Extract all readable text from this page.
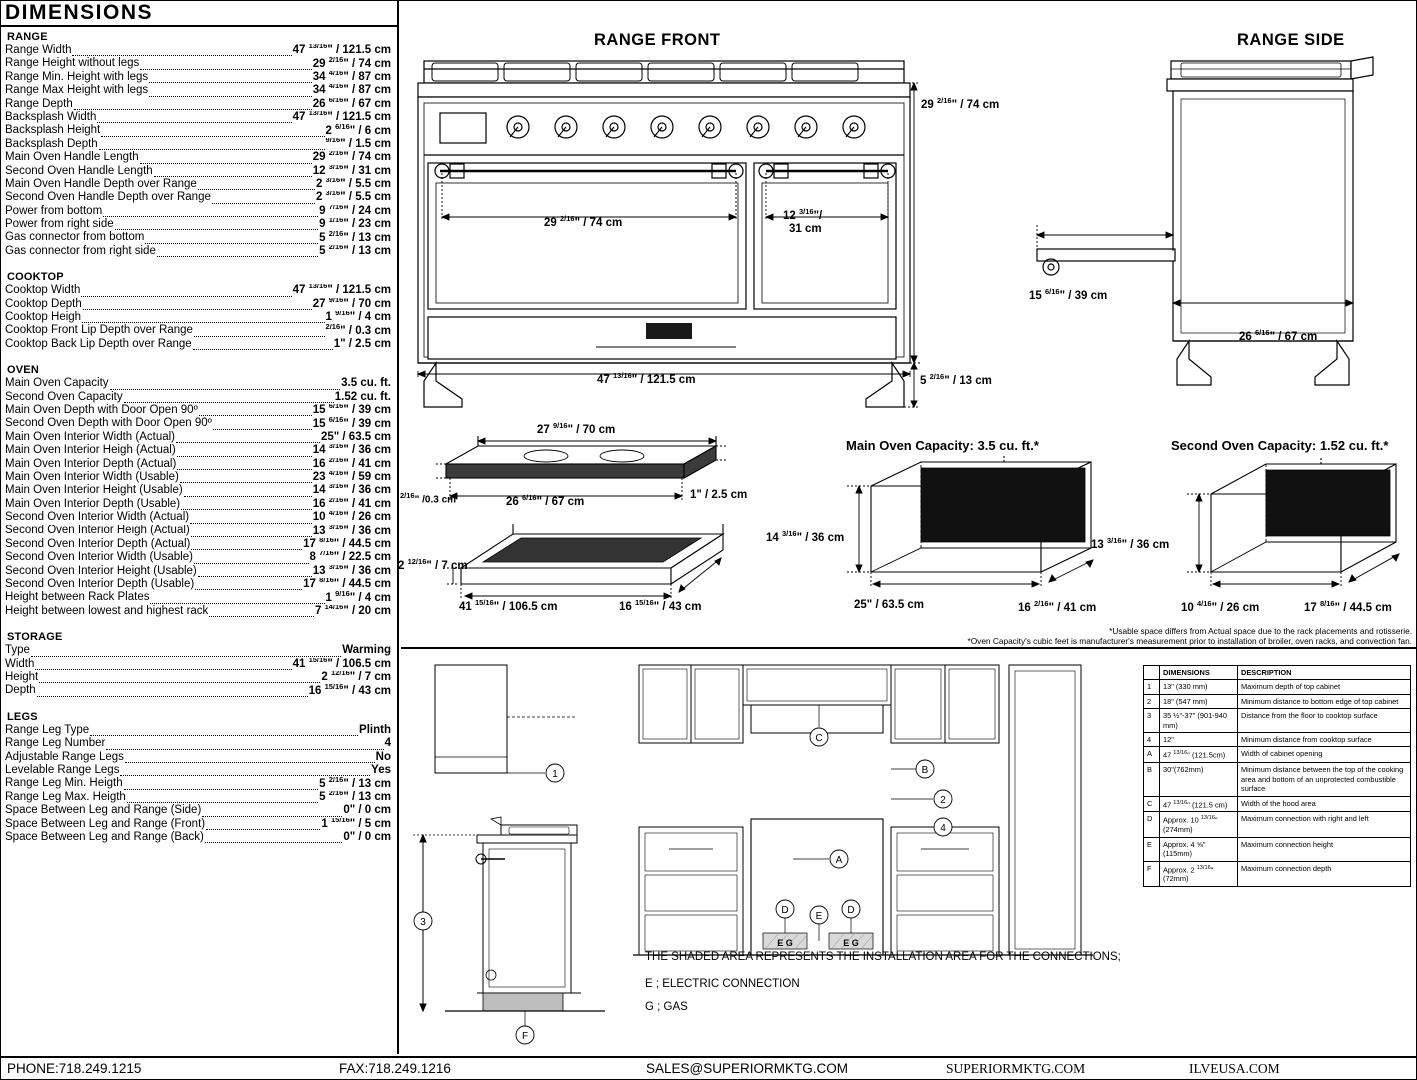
DIMENSIONS
RANGE
Range Width	47 $^{13/16}$" / 121.5 cm
Range Height without legs	29 $^{2/16}$" / 74 cm
Range Min. Height with legs	34 $^{4/16}$" / 87 cm
Range Max Height with legs	34 $^{4/16}$" / 87 cm
Range Depth	26 $^{6/16}$" / 67 cm
Backsplash Width	47 $^{13/16}$" / 121.5 cm
Backsplash Height	2 $^{6/16}$" / 6 cm
Backsplash Depth	$^{9/16}$" / 1.5 cm
Main Oven Handle Length	29 $^{2/16}$" / 74 cm
Second Oven Handle Length	12 $^{3/16}$" / 31 cm
Main Oven Handle Depth over Range	2 $^{3/16}$" / 5.5 cm
Second Oven Handle Depth over Range	2 $^{3/16}$" / 5.5 cm
Power from bottom	9 $^{7/16}$" / 24 cm
Power from right side	9 $^{1/16}$" / 23 cm
Gas connector from bottom	5 $^{2/16}$" / 13 cm
Gas connector from right side	5 $^{2/16}$" / 13 cm
COOKTOP
Cooktop Width	47 $^{13/16}$" / 121.5 cm
Cooktop Depth	27 $^{9/16}$" / 70 cm
Cooktop Heigh	1 $^{9/16}$" / 4 cm
Cooktop Front Lip Depth over Range	$^{2/16}$" / 0.3 cm
Cooktop Back Lip Depth over Range	1" / 2.5 cm
OVEN
Main Oven Capacity	3.5 cu. ft.
Second Oven Capacity	1.52 cu. ft.
Main Oven Depth with Door Open 90º	15 $^{6/16}$" / 39 cm
Second Oven Depth with Door Open 90º	15 $^{6/16}$" / 39 cm
Main Oven Interior Width (Actual)	25" / 63.5 cm
Main Oven Interior Heigh (Actual)	14 $^{3/16}$" / 36 cm
Main Oven Interior Depth (Actual)	16 $^{2/16}$" / 41 cm
Main Oven Interior Width (Usable)	23 $^{4/16}$" / 59 cm
Main Oven Interior Height (Usable)	14 $^{3/16}$" / 36 cm
Main Oven Interior Depth (Usable)	16 $^{2/16}$" / 41 cm
Second Oven Interior Width (Actual)	10 $^{4/16}$" / 26 cm
Second Oven Interior Heigh (Actual)	13 $^{3/16}$" / 36 cm
Second Oven Interior Depth (Actual)	17 $^{8/16}$" / 44.5 cm
Second Oven Interior Width (Usable)	8 $^{7/16}$" / 22.5 cm
Second Oven Interior Height (Usable)	13 $^{3/16}$" / 36 cm
Second Oven Interior Depth (Usable)	17 $^{8/16}$" / 44.5 cm
Height between Rack Plates	1 $^{9/16}$" / 4 cm
Height between lowest and highest rack	7 $^{14/16}$" / 20 cm
STORAGE
Type	Warming
Width	41 $^{15/16}$" / 106.5 cm
Height	2 $^{12/16}$" / 7 cm
Depth	16 $^{15/16}$" / 43 cm
LEGS
Range Leg Type	Plinth
Range Leg Number	4
Adjustable Range Legs	No
Levelable Range Legs	Yes
Range Leg Min. Heigth	5 $^{2/16}$" / 13 cm
Range Leg Max. Heigth	5 $^{2/16}$" / 13 cm
Space Between Leg and Range (Side)	0" / 0 cm
Space Between Leg and Range (Front)	1 $^{15/16}$" / 5 cm
Space Between Leg and Range (Back)	0" / 0 cm
RANGE FRONT	RANGE SIDE
29 $^{2/16}$" / 74 cm
29 $^{2/16}$" / 74 cm
12 $^{3/16}$"/
31 cm
47 $^{13/16}$" / 121.5 cm	5 $^{2/16}$" / 13 cm
15 $^{6/16}$" / 39 cm
26 $^{6/16}$" / 67 cm
27 $^{9/16}$" / 70 cm
26 $^{6/16}$" / 67 cm
$^{2/16}$" /0.3 cm	1" / 2.5 cm
2 $^{12/16}$" / 7 cm
41 $^{15/16}$" / 106.5 cm	16 $^{15/16}$" / 43 cm
Main Oven Capacity: 3.5 cu. ft.*
14 $^{3/16}$" / 36 cm
25" / 63.5 cm	16 $^{2/16}$" / 41 cm
Second Oven Capacity: 1.52 cu. ft.*
13 $^{3/16}$" / 36 cm
10 $^{4/16}$" / 26 cm	17 $^{8/16}$" / 44.5 cm
*Usable space differs from Actual space due to the rack placements and rotisserie.
*Oven Capacity's cubic feet is manufacturer's measurement prior to installation of broiler, oven racks, and convection fan.
1
3
F
C
B
2
4
A
D	D
E
E G	E G
THE SHADED AREA REPRESENTS THE INSTALLATION AREA FOR THE CONNECTIONS;
E ; ELECTRIC CONNECTION
G ; GAS
	DIMENSIONS	DESCRIPTION
1	13" (330 mm)	Maximum depth of top cabinet
2	18" (547 mm)	Minimum distance to bottom edge of top cabinet
3	35 ½"-37" (901-940 mm)	Distance from the floor to cooktop surface
4	12"	Minimum distance from cooktop surface
A	47 $^{13/16}$" (121.5cm)	Width of cabinet opening
B	30"(762mm)	Minimum distance between the top of the cooking area and bottom of an unprotected combustible surface
C	47 $^{13/16}$" (121.5 cm)	Width of the hood area
D	Approx. 10 $^{13/16}$" (274mm)	Maximum connection with right and left
E	Approx. 4 ⅝" (115mm)	Maximum connection height
F	Approx. 2 $^{13/16}$" (72mm)	Maximum connection depth
PHONE:718.249.1215	FAX:718.249.1216	SALES@SUPERIORMKTG.COM	SUPERIORMKTG.COM	ILVEUSA.COM
